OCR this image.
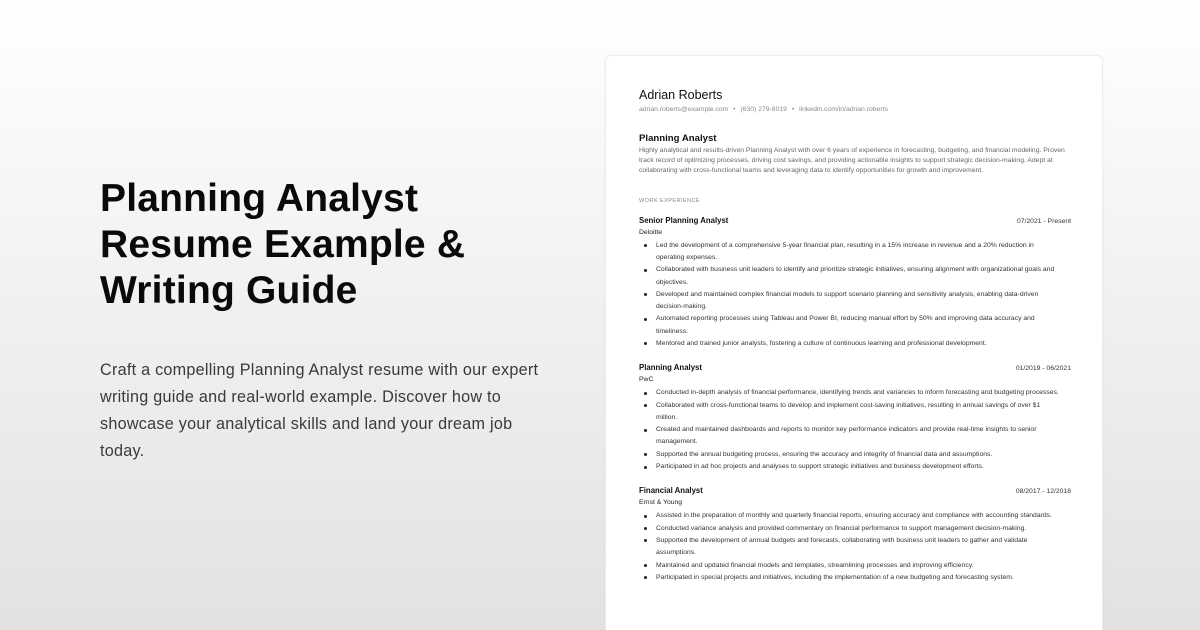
Planning Analyst
Resume Example &
Writing Guide

Craft a compelling Planning Analyst resume with our expert writing guide and real-world example. Discover how to showcase your analytical skills and land your dream job today.

Adrian Roberts
adrian.roberts@example.com • (630) 279-8019 • linkedin.com/in/adrian.roberts
Planning Analyst

Highly analytical and results-driven Planning Analyst with over 6 years of experience in forecasting, budgeting, and financial modeling. Proven track record of optimizing processes, driving cost savings, and providing actionable insights to support strategic decision-making. Adept at collaborating with cross-functional teams and leveraging data to identify opportunities for growth and improvement.

WORK EXPERIENCE
Senior Planning Analyst	07/2021 - Present
Deloitte
Led the development of a comprehensive 5-year financial plan, resulting in a 15% increase in revenue and a 20% reduction in operating expenses.
Collaborated with business unit leaders to identify and prioritize strategic initiatives, ensuring alignment with organizational goals and objectives.
Developed and maintained complex financial models to support scenario planning and sensitivity analysis, enabling data-driven decision-making.
Automated reporting processes using Tableau and Power BI, reducing manual effort by 50% and improving data accuracy and timeliness.
Mentored and trained junior analysts, fostering a culture of continuous learning and professional development.
Planning Analyst	01/2019 - 06/2021
PwC
Conducted in-depth analysis of financial performance, identifying trends and variances to inform forecasting and budgeting processes.
Collaborated with cross-functional teams to develop and implement cost-saving initiatives, resulting in annual savings of over $1 million.
Created and maintained dashboards and reports to monitor key performance indicators and provide real-time insights to senior management.
Supported the annual budgeting process, ensuring the accuracy and integrity of financial data and assumptions.
Participated in ad hoc projects and analyses to support strategic initiatives and business development efforts.
Financial Analyst	08/2017 - 12/2018
Ernst & Young
Assisted in the preparation of monthly and quarterly financial reports, ensuring accuracy and compliance with accounting standards.
Conducted variance analysis and provided commentary on financial performance to support management decision-making.
Supported the development of annual budgets and forecasts, collaborating with business unit leaders to gather and validate assumptions.
Maintained and updated financial models and templates, streamlining processes and improving efficiency.
Participated in special projects and initiatives, including the implementation of a new budgeting and forecasting system.
